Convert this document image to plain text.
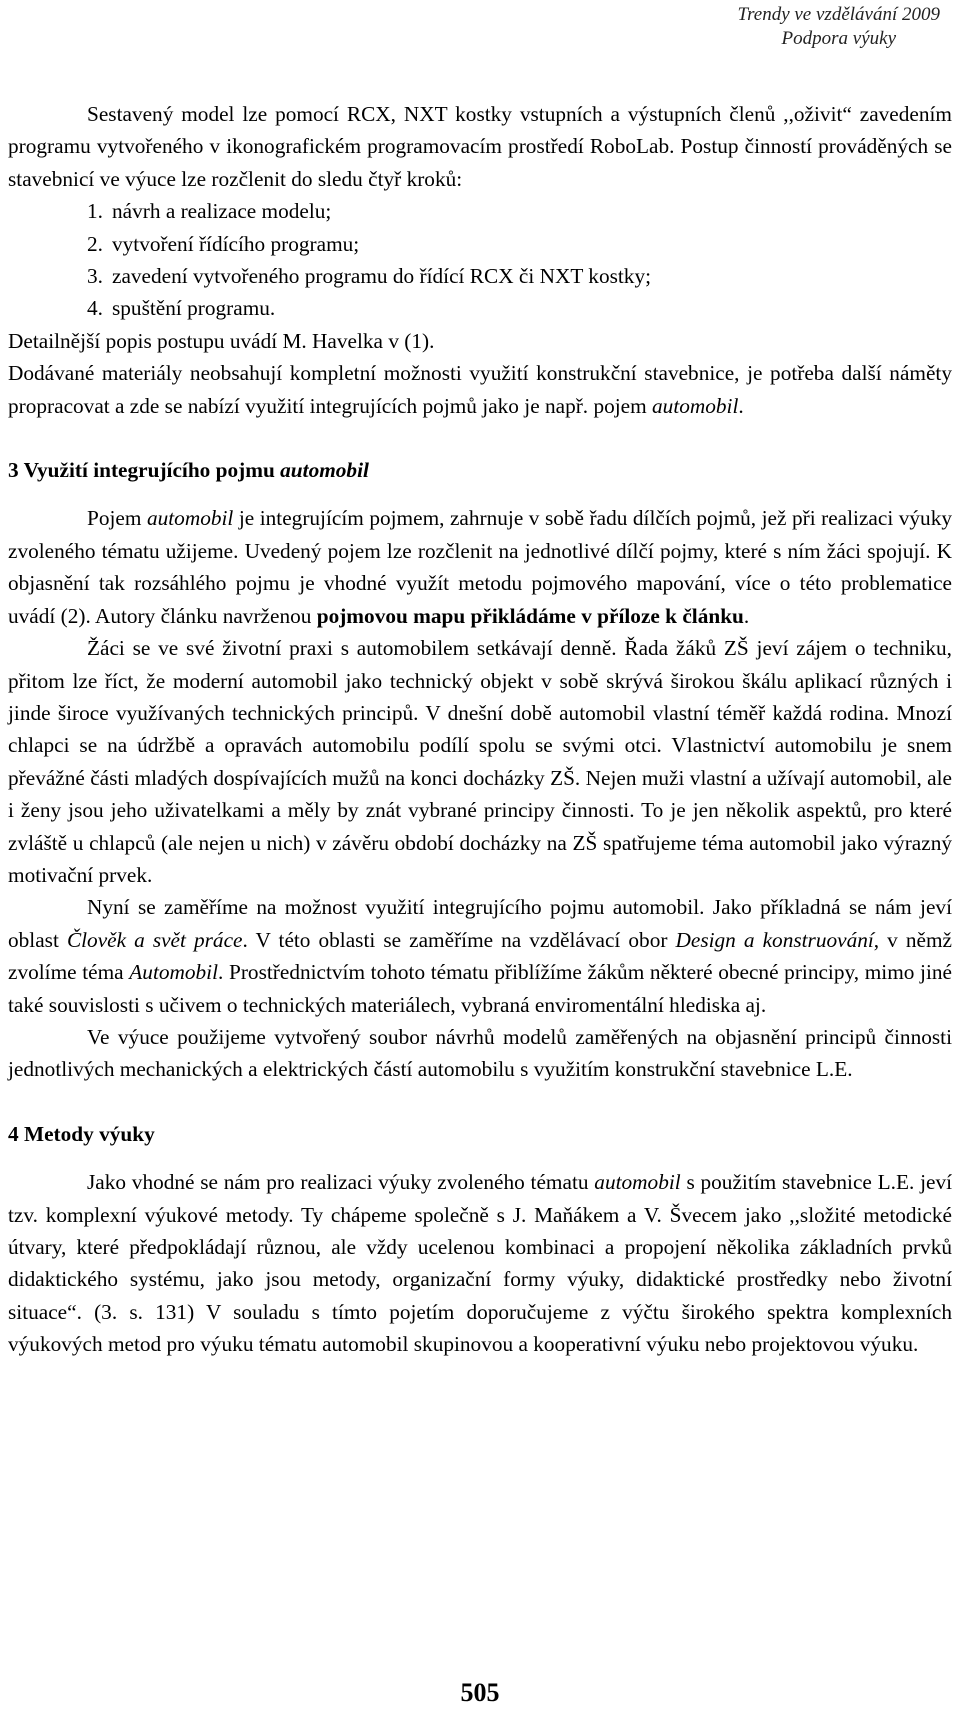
Trendy ve vzdělávání 2009
Podpora výuky

Sestavený model lze pomocí RCX, NXT kostky vstupních a výstupních členů ,,oživit“ zavedením programu vytvořeného v ikonografickém programovacím prostředí RoboLab. Postup činností prováděných se stavebnicí ve výuce lze rozčlenit do sledu čtyř kroků:

1. návrh a realizace modelu;
2. vytvoření řídícího programu;
3. zavedení vytvořeného programu do řídící RCX či NXT kostky;
4. spuštění programu.

Detailnější popis postupu uvádí M. Havelka v (1).

Dodávané materiály neobsahují kompletní možnosti využití konstrukční stavebnice, je potřeba další náměty propracovat a zde se nabízí využití integrujících pojmů jako je např. pojem automobil.

3 Využití integrujícího pojmu automobil

Pojem automobil je integrujícím pojmem, zahrnuje v sobě řadu dílčích pojmů, jež při realizaci výuky zvoleného tématu užijeme. Uvedený pojem lze rozčlenit na jednotlivé dílčí pojmy, které s ním žáci spojují. K objasnění tak rozsáhlého pojmu je vhodné využít metodu pojmového mapování, více o této problematice uvádí (2). Autory článku navrženou pojmovou mapu přikládáme v příloze k článku.

Žáci se ve své životní praxi s automobilem setkávají denně. Řada žáků ZŠ jeví zájem o techniku, přitom lze říct, že moderní automobil jako technický objekt v sobě skrývá širokou škálu aplikací různých i jinde široce využívaných technických principů. V dnešní době automobil vlastní téměř každá rodina. Mnozí chlapci se na údržbě a opravách automobilu podílí spolu se svými otci. Vlastnictví automobilu je snem převážné části mladých dospívajících mužů na konci docházky ZŠ. Nejen muži vlastní a užívají automobil, ale i ženy jsou jeho uživatelkami a měly by znát vybrané principy činnosti. To je jen několik aspektů, pro které zvláště u chlapců (ale nejen u nich) v závěru období docházky na ZŠ spatřujeme téma automobil jako výrazný motivační prvek.

Nyní se zaměříme na možnost využití integrujícího pojmu automobil. Jako příkladná se nám jeví oblast Člověk a svět práce. V této oblasti se zaměříme na vzdělávací obor Design a konstruování, v němž zvolíme téma Automobil. Prostřednictvím tohoto tématu přiblížíme žákům některé obecné principy, mimo jiné také souvislosti s učivem o technických materiálech, vybraná enviromentální hlediska aj.

Ve výuce použijeme vytvořený soubor návrhů modelů zaměřených na objasnění principů činnosti jednotlivých mechanických a elektrických částí automobilu s využitím konstrukční stavebnice L.E.

4 Metody výuky

Jako vhodné se nám pro realizaci výuky zvoleného tématu automobil s použitím stavebnice L.E. jeví tzv. komplexní výukové metody. Ty chápeme společně s J. Maňákem a V. Švecem jako ,,složité metodické útvary, které předpokládají různou, ale vždy ucelenou kombinaci a propojení několika základních prvků didaktického systému, jako jsou metody, organizační formy výuky, didaktické prostředky nebo životní situace“. (3. s. 131) V souladu s tímto pojetím doporučujeme z výčtu širokého spektra komplexních výukových metod pro výuku tématu automobil skupinovou a kooperativní výuku nebo projektovou výuku.

505
